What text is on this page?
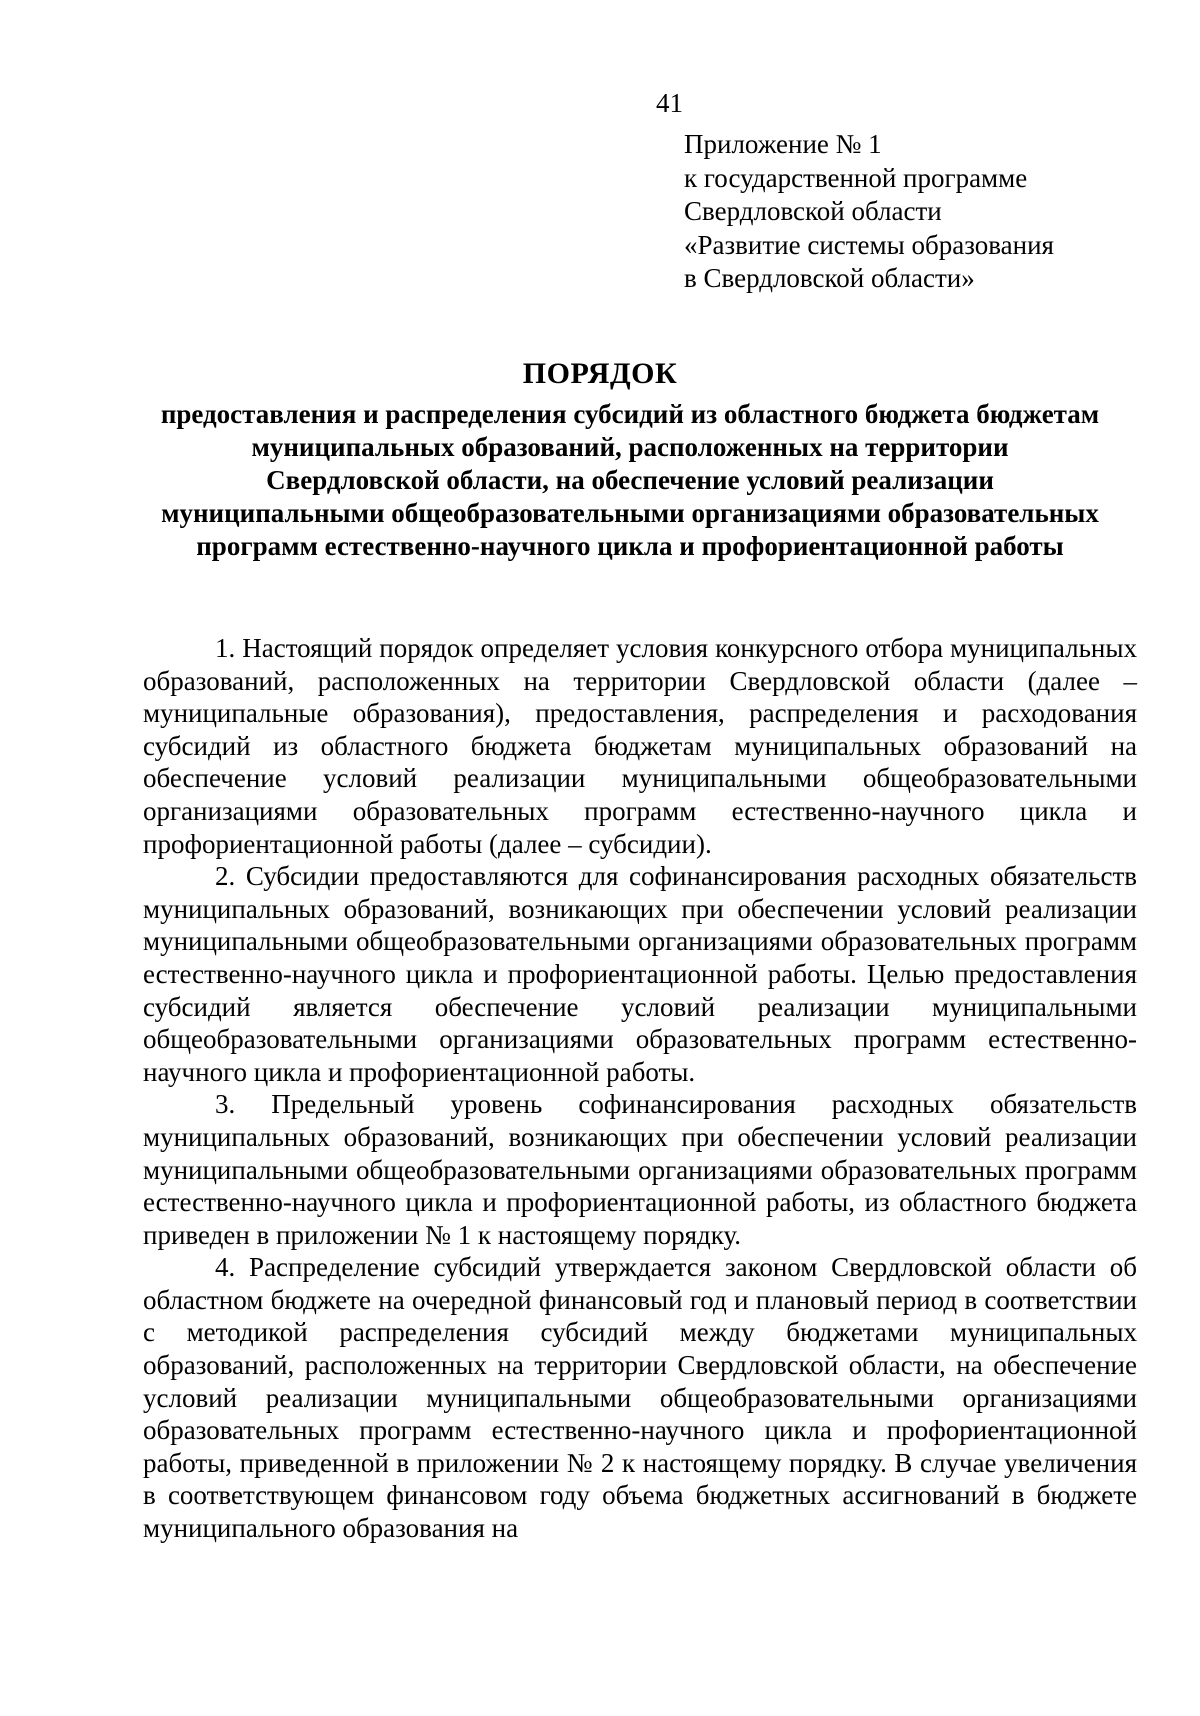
41
Приложение № 1
к государственной программе
Свердловской области
«Развитие системы образования
в Свердловской области»
ПОРЯДОК
предоставления и распределения субсидий из областного бюджета бюджетам
муниципальных образований, расположенных на территории
Свердловской области, на обеспечение условий реализации
муниципальными общеобразовательными организациями образовательных
программ естественно-научного цикла и профориентационной работы

1. Настоящий порядок определяет условия конкурсного отбора муниципальных образований, расположенных на территории Свердловской области (далее – муниципальные образования), предоставления, распределения и расходования субсидий из областного бюджета бюджетам муниципальных образований на обеспечение условий реализации муниципальными общеобразовательными организациями образовательных программ естественно-научного цикла и профориентационной работы (далее – субсидии).

2. Субсидии предоставляются для софинансирования расходных обязательств муниципальных образований, возникающих при обеспечении условий реализации муниципальными общеобразовательными организациями образовательных программ естественно-научного цикла и профориентационной работы. Целью предоставления субсидий является обеспечение условий реализации муниципальными общеобразовательными организациями образовательных программ естественно-научного цикла и профориентационной работы.

3. Предельный уровень софинансирования расходных обязательств муниципальных образований, возникающих при обеспечении условий реализации муниципальными общеобразовательными организациями образовательных программ естественно-научного цикла и профориентационной работы, из областного бюджета приведен в приложении № 1 к настоящему порядку.

4. Распределение субсидий утверждается законом Свердловской области об областном бюджете на очередной финансовый год и плановый период в соответствии с методикой распределения субсидий между бюджетами муниципальных образований, расположенных на территории Свердловской области, на обеспечение условий реализации муниципальными общеобразовательными организациями образовательных программ естественно-научного цикла и профориентационной работы, приведенной в приложении № 2 к настоящему порядку. В случае увеличения в соответствующем финансовом году объема бюджетных ассигнований в бюджете муниципального образования на
